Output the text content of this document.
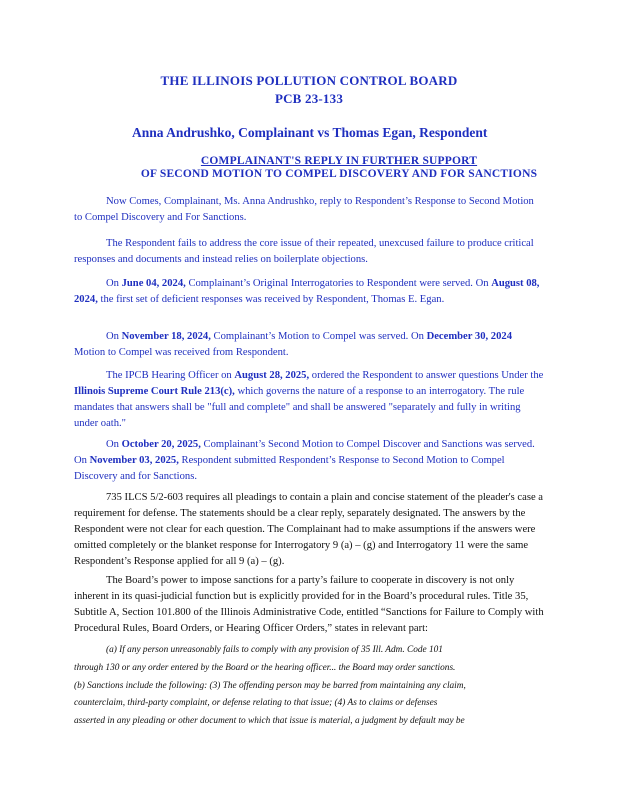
THE ILLINOIS POLLUTION CONTROL BOARD
PCB 23-133
Anna Andrushko, Complainant vs Thomas Egan, Respondent
COMPLAINANT'S REPLY IN FURTHER SUPPORT
OF SECOND MOTION TO COMPEL DISCOVERY AND FOR SANCTIONS

Now Comes, Complainant, Ms. Anna Andrushko, reply to Respondent’s Response to Second Motion to Compel Discovery and For Sanctions.

The Respondent fails to address the core issue of their repeated, unexcused failure to produce critical responses and documents and instead relies on boilerplate objections.

On June 04, 2024, Complainant’s Original Interrogatories to Respondent were served. On August 08, 2024, the first set of deficient responses was received by Respondent, Thomas E. Egan.

On November 18, 2024, Complainant’s Motion to Compel was served. On December 30, 2024 Motion to Compel was received from Respondent.

The IPCB Hearing Officer on August 28, 2025, ordered the Respondent to answer questions Under the Illinois Supreme Court Rule 213(c), which governs the nature of a response to an interrogatory. The rule mandates that answers shall be "full and complete" and shall be answered "separately and fully in writing under oath."

On October 20, 2025, Complainant’s Second Motion to Compel Discover and Sanctions was served. On November 03, 2025, Respondent submitted Respondent’s Response to Second Motion to Compel Discovery and for Sanctions.

735 ILCS 5/2-603 requires all pleadings to contain a plain and concise statement of the pleader's case a requirement for defense. The statements should be a clear reply, separately designated. The answers by the Respondent were not clear for each question. The Complainant had to make assumptions if the answers were omitted completely or the blanket response for Interrogatory 9 (a) – (g) and Interrogatory 11 were the same Respondent’s Response applied for all 9 (a) – (g).

The Board’s power to impose sanctions for a party’s failure to cooperate in discovery is not only inherent in its quasi-judicial function but is explicitly provided for in the Board’s procedural rules. Title 35, Subtitle A, Section 101.800 of the Illinois Administrative Code, entitled “Sanctions for Failure to Comply with Procedural Rules, Board Orders, or Hearing Officer Orders,” states in relevant part:

(a) If any person unreasonably fails to comply with any provision of 35 Ill. Adm. Code 101
through 130 or any order entered by the Board or the hearing officer... the Board may order sanctions.
(b) Sanctions include the following: (3) The offending person may be barred from maintaining any claim,
counterclaim, third-party complaint, or defense relating to that issue; (4) As to claims or defenses
asserted in any pleading or other document to which that issue is material, a judgment by default may be
